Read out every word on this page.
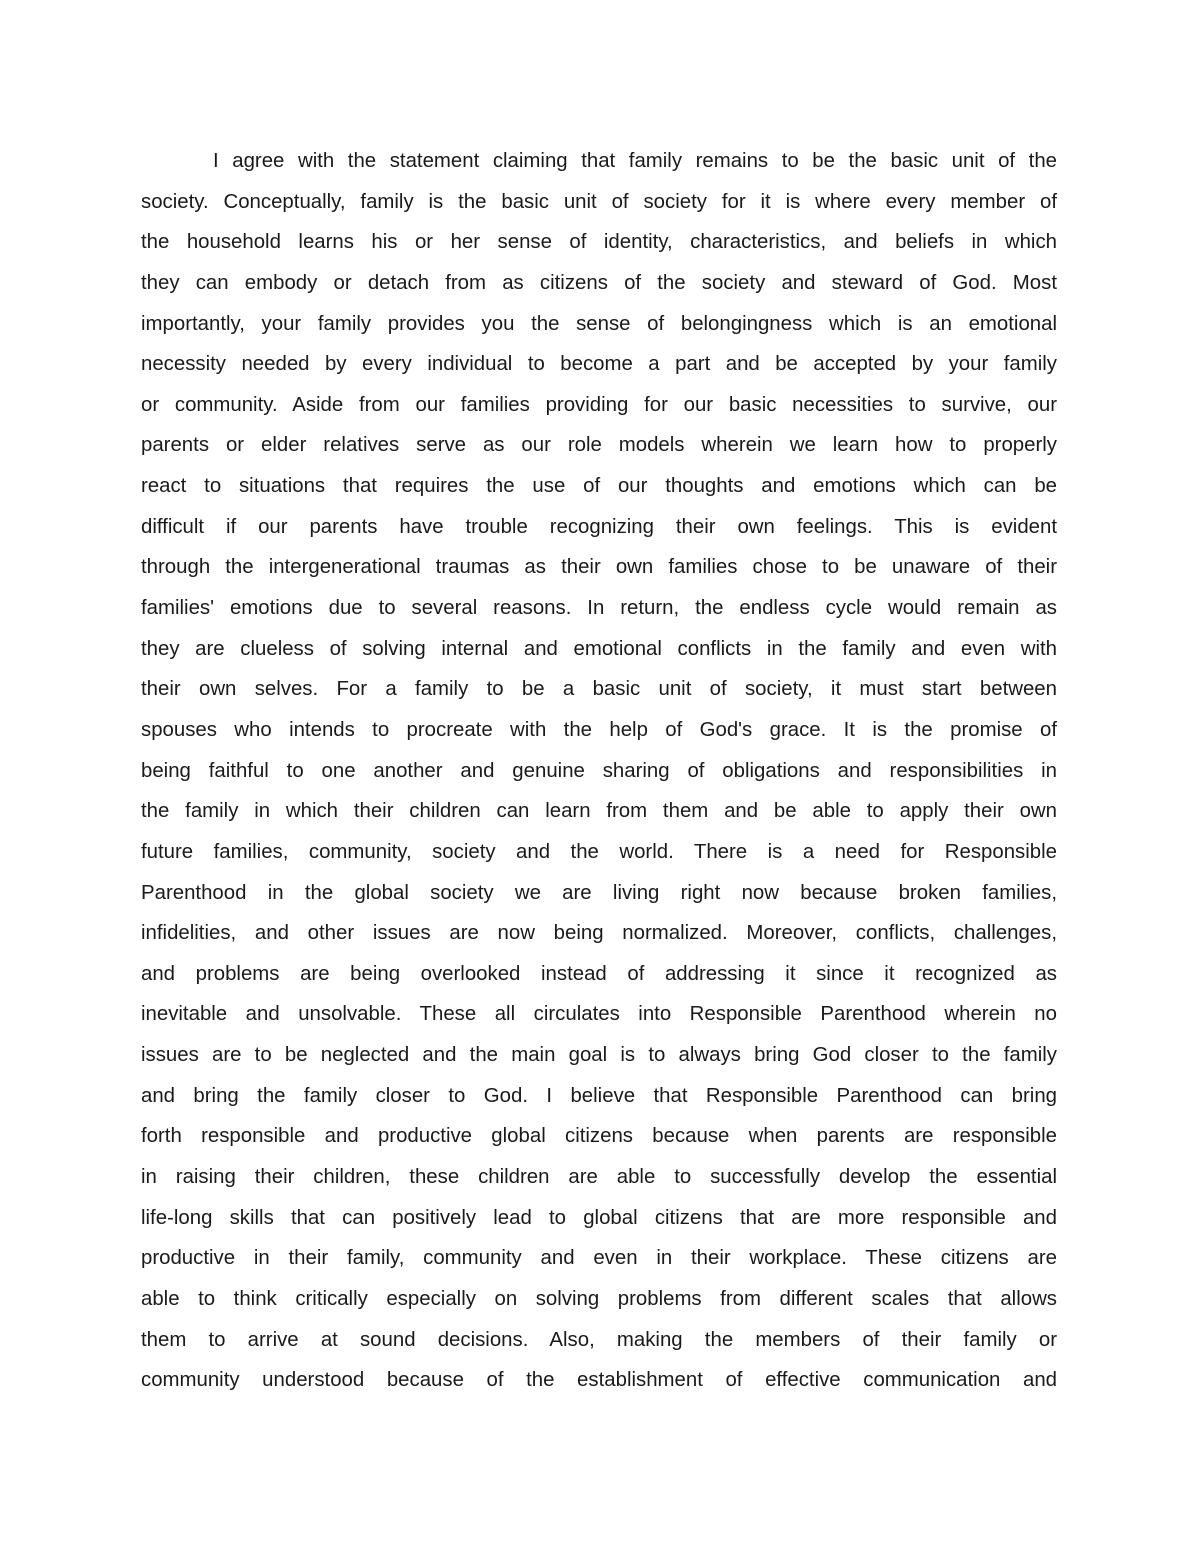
I agree with the statement claiming that family remains to be the basic unit of the
society. Conceptually, family is the basic unit of society for it is where every member of
the household learns his or her sense of identity, characteristics, and beliefs in which
they can embody or detach from as citizens of the society and steward of God. Most
importantly, your family provides you the sense of belongingness which is an emotional
necessity needed by every individual to become a part and be accepted by your family
or community. Aside from our families providing for our basic necessities to survive, our
parents or elder relatives serve as our role models wherein we learn how to properly
react to situations that requires the use of our thoughts and emotions which can be
difficult if our parents have trouble recognizing their own feelings. This is evident
through the intergenerational traumas as their own families chose to be unaware of their
families' emotions due to several reasons. In return, the endless cycle would remain as
they are clueless of solving internal and emotional conflicts in the family and even with
their own selves. For a family to be a basic unit of society, it must start between
spouses who intends to procreate with the help of God's grace. It is the promise of
being faithful to one another and genuine sharing of obligations and responsibilities in
the family in which their children can learn from them and be able to apply their own
future families, community, society and the world. There is a need for Responsible
Parenthood in the global society we are living right now because broken families,
infidelities, and other issues are now being normalized. Moreover, conflicts, challenges,
and problems are being overlooked instead of addressing it since it recognized as
inevitable and unsolvable. These all circulates into Responsible Parenthood wherein no
issues are to be neglected and the main goal is to always bring God closer to the family
and bring the family closer to God. I believe that Responsible Parenthood can bring
forth responsible and productive global citizens because when parents are responsible
in raising their children, these children are able to successfully develop the essential
life-long skills that can positively lead to global citizens that are more responsible and
productive in their family, community and even in their workplace. These citizens are
able to think critically especially on solving problems from different scales that allows
them to arrive at sound decisions. Also, making the members of their family or
community understood because of the establishment of effective communication and
